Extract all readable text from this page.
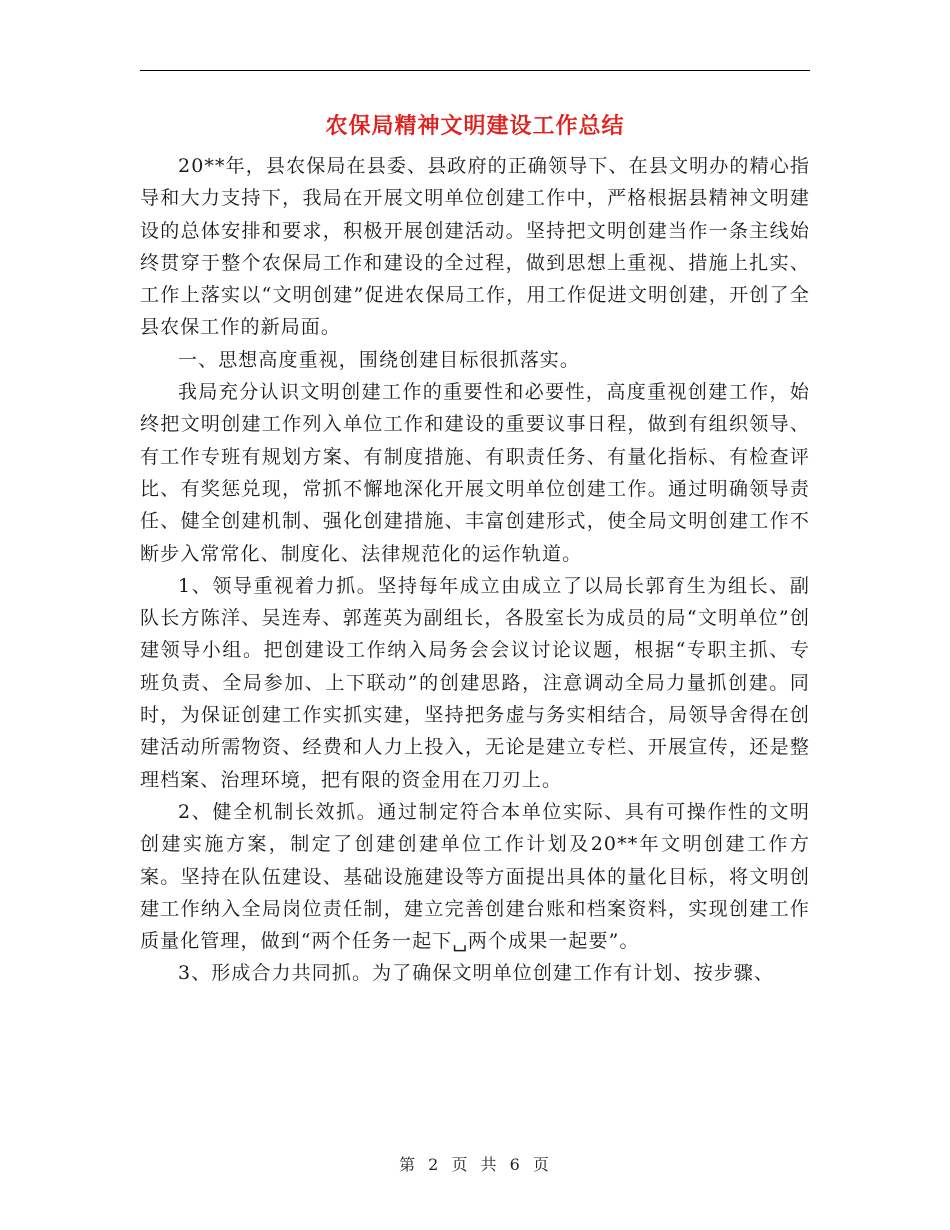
农保局精神文明建设工作总结

20**年，县农保局在县委、县政府的正确领导下、在县文明办的精心指导和大力支持下，我局在开展文明单位创建工作中，严格根据县精神文明建设的总体安排和要求，积极开展创建活动。坚持把文明创建当作一条主线始终贯穿于整个农保局工作和建设的全过程，做到思想上重视、措施上扎实、工作上落实以“文明创建”促进农保局工作，用工作促进文明创建，开创了全县农保工作的新局面。

一、思想高度重视，围绕创建目标很抓落实。

我局充分认识文明创建工作的重要性和必要性，高度重视创建工作，始终把文明创建工作列入单位工作和建设的重要议事日程，做到有组织领导、有工作专班有规划方案、有制度措施、有职责任务、有量化指标、有检查评比、有奖惩兑现，常抓不懈地深化开展文明单位创建工作。通过明确领导责任、健全创建机制、强化创建措施、丰富创建形式，使全局文明创建工作不断步入常常化、制度化、法律规范化的运作轨道。

1、领导重视着力抓。坚持每年成立由成立了以局长郭育生为组长、副队长方陈洋、吴连寿、郭莲英为副组长，各股室长为成员的局“文明单位”创建领导小组。把创建设工作纳入局务会会议讨论议题，根据“专职主抓、专班负责、全局参加、上下联动”的创建思路，注意调动全局力量抓创建。同时，为保证创建工作实抓实建，坚持把务虚与务实相结合，局领导舍得在创建活动所需物资、经费和人力上投入，无论是建立专栏、开展宣传，还是整理档案、治理环境，把有限的资金用在刀刃上。

2、健全机制长效抓。通过制定符合本单位实际、具有可操作性的文明创建实施方案，制定了创建创建单位工作计划及20**年文明创建工作方案。坚持在队伍建设、基础设施建设等方面提出具体的量化目标，将文明创建工作纳入全局岗位责任制，建立完善创建台账和档案资料，实现创建工作质量化管理，做到“两个任务一起下␣两个成果一起要”。

3、形成合力共同抓。为了确保文明单位创建工作有计划、按步骤、

第 2 页 共 6 页
